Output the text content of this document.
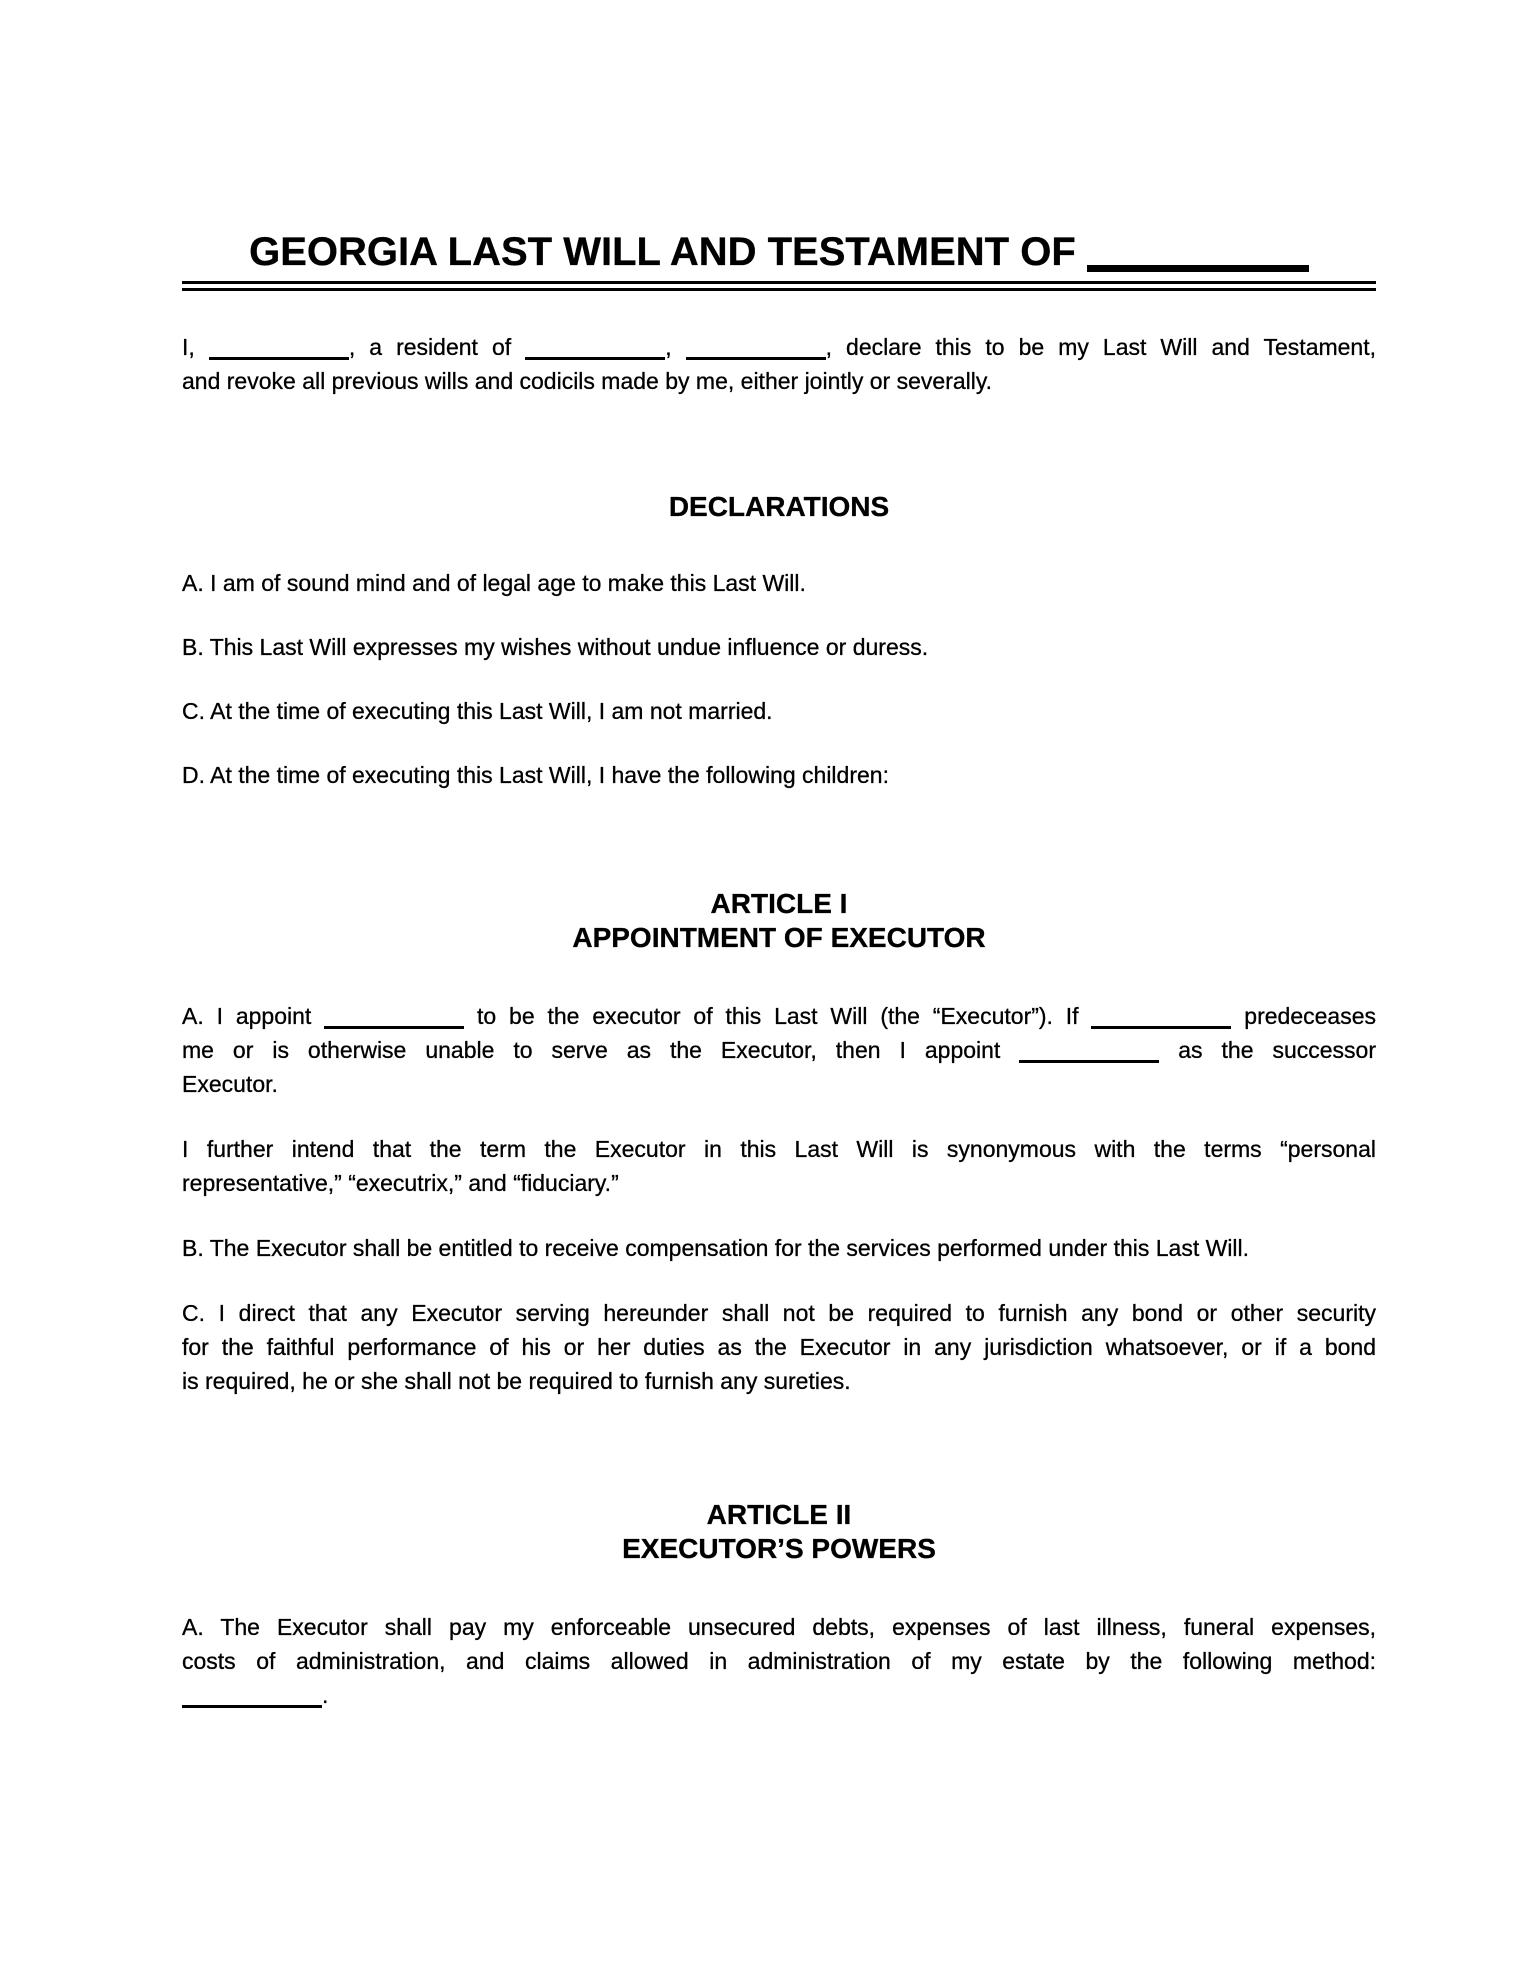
GEORGIA LAST WILL AND TESTAMENT OF
I,	, a resident of	,	, declare this to be my Last Will and Testament,
and revoke all previous wills and codicils made by me, either jointly or severally.
DECLARATIONS
A. I am of sound mind and of legal age to make this Last Will.
B. This Last Will expresses my wishes without undue influence or duress.
C. At the time of executing this Last Will, I am not married.
D. At the time of executing this Last Will, I have the following children:
ARTICLE I
APPOINTMENT OF EXECUTOR
A. I appoint	to be the executor of this Last Will (the “Executor”). If	predeceases
me or is otherwise unable to serve as the Executor, then I appoint	as the successor
Executor.
I further intend that the term the Executor in this Last Will is synonymous with the terms “personal
representative,” “executrix,” and “fiduciary.”
B. The Executor shall be entitled to receive compensation for the services performed under this Last Will.
C. I direct that any Executor serving hereunder shall not be required to furnish any bond or other security
for the faithful performance of his or her duties as the Executor in any jurisdiction whatsoever, or if a bond
is required, he or she shall not be required to furnish any sureties.
ARTICLE II
EXECUTOR’S POWERS
A. The Executor shall pay my enforceable unsecured debts, expenses of last illness, funeral expenses,
costs of administration, and claims allowed in administration of my estate by the following method:
.
